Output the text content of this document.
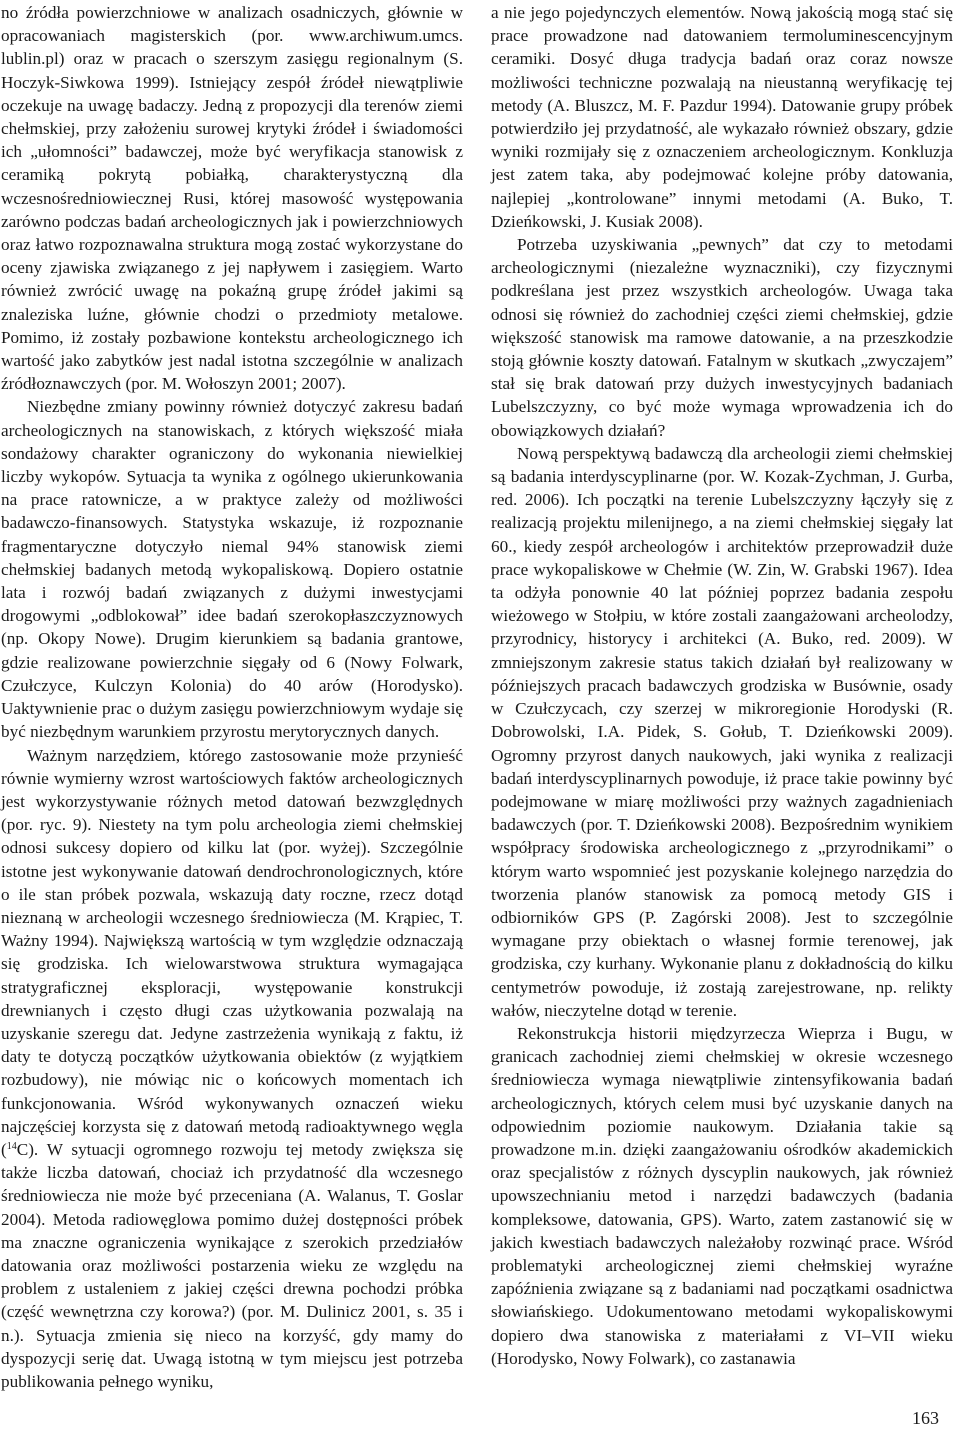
no źródła powierzchniowe w analizach osadniczych, głównie w opracowaniach magisterskich (por. www.archiwum.umcs. lublin.pl) oraz w pracach o szerszym zasięgu regionalnym (S. Hoczyk-Siwkowa 1999). Istniejący zespół źródeł niewątpliwie oczekuje na uwagę badaczy. Jedną z propozycji dla terenów ziemi chełmskiej, przy założeniu surowej krytyki źródeł i świadomości ich „ułomności” badawczej, może być weryfikacja stanowisk z ceramiką pokrytą pobiałką, charakterystyczną dla wczesnośredniowiecznej Rusi, której masowość występowania zarówno podczas badań archeologicznych jak i powierzchniowych oraz łatwo rozpoznawalna struktura mogą zostać wykorzystane do oceny zjawiska związanego z jej napływem i zasięgiem. Warto również zwrócić uwagę na pokaźną grupę źródeł jakimi są znaleziska luźne, głównie chodzi o przedmioty metalowe. Pomimo, iż zostały pozbawione kontekstu archeologicznego ich wartość jako zabytków jest nadal istotna szczególnie w analizach źródłoznawczych (por. M. Wołoszyn 2001; 2007).

Niezbędne zmiany powinny również dotyczyć zakresu badań archeologicznych na stanowiskach, z których większość miała sondażowy charakter ograniczony do wykonania niewielkiej liczby wykopów. Sytuacja ta wynika z ogólnego ukierunkowania na prace ratownicze, a w praktyce zależy od możliwości badawczo-finansowych. Statystyka wskazuje, iż rozpoznanie fragmentaryczne dotyczyło niemal 94% stanowisk ziemi chełmskiej badanych metodą wykopaliskową. Dopiero ostatnie lata i rozwój badań związanych z dużymi inwestycjami drogowymi „odblokował” idee badań szerokopłaszczyznowych (np. Okopy Nowe). Drugim kierunkiem są badania grantowe, gdzie realizowane powierzchnie sięgały od 6 (Nowy Folwark, Czułczyce, Kulczyn Kolonia) do 40 arów (Horodysko). Uaktywnienie prac o dużym zasięgu powierzchniowym wydaje się być niezbędnym warunkiem przyrostu merytorycznych danych.

Ważnym narzędziem, którego zastosowanie może przynieść równie wymierny wzrost wartościowych faktów archeologicznych jest wykorzystywanie różnych metod datowań bezwzględnych (por. ryc. 9). Niestety na tym polu archeologia ziemi chełmskiej odnosi sukcesy dopiero od kilku lat (por. wyżej). Szczególnie istotne jest wykonywanie datowań dendrochronologicznych, które o ile stan próbek pozwala, wskazują daty roczne, rzecz dotąd nieznaną w archeologii wczesnego średniowiecza (M. Krąpiec, T. Ważny 1994). Największą wartością w tym względzie odznaczają się grodziska. Ich wielowarstwowa struktura wymagająca stratygraficznej eksploracji, występowanie konstrukcji drewnianych i często długi czas użytkowania pozwalają na uzyskanie szeregu dat. Jedyne zastrzeżenia wynikają z faktu, iż daty te dotyczą początków użytkowania obiektów (z wyjątkiem rozbudowy), nie mówiąc nic o końcowych momentach ich funkcjonowania. Wśród wykonywanych oznaczeń wieku najczęściej korzysta się z datowań metodą radioaktywnego węgla ($^{14}$C). W sytuacji ogromnego rozwoju tej metody zwiększa się także liczba datowań, chociaż ich przydatność dla wczesnego średniowiecza nie może być przeceniana (A. Walanus, T. Goslar 2004). Metoda radiowęglowa pomimo dużej dostępności próbek ma znaczne ograniczenia wynikające z szerokich przedziałów datowania oraz możliwości postarzenia wieku ze względu na problem z ustaleniem z jakiej części drewna pochodzi próbka (część wewnętrzna czy korowa?) (por. M. Dulinicz 2001, s. 35 i n.). Sytuacja zmienia się nieco na korzyść, gdy mamy do dyspozycji serię dat. Uwagą istotną w tym miejscu jest potrzeba publikowania pełnego wyniku,

a nie jego pojedynczych elementów. Nową jakością mogą stać się prace prowadzone nad datowaniem termoluminescencyjnym ceramiki. Dosyć długa tradycja badań oraz coraz nowsze możliwości techniczne pozwalają na nieustanną weryfikację tej metody (A. Bluszcz, M. F. Pazdur 1994). Datowanie grupy próbek potwierdziło jej przydatność, ale wykazało również obszary, gdzie wyniki rozmijały się z oznaczeniem archeologicznym. Konkluzja jest zatem taka, aby podejmować kolejne próby datowania, najlepiej „kontrolowane” innymi metodami (A. Buko, T. Dzieńkowski, J. Kusiak 2008).

Potrzeba uzyskiwania „pewnych” dat czy to metodami archeologicznymi (niezależne wyznaczniki), czy fizycznymi podkreślana jest przez wszystkich archeologów. Uwaga taka odnosi się również do zachodniej części ziemi chełmskiej, gdzie większość stanowisk ma ramowe datowanie, a na przeszkodzie stoją głównie koszty datowań. Fatalnym w skutkach „zwyczajem” stał się brak datowań przy dużych inwestycyjnych badaniach Lubelszczyzny, co być może wymaga wprowadzenia ich do obowiązkowych działań?

Nową perspektywą badawczą dla archeologii ziemi chełmskiej są badania interdyscyplinarne (por. W. Kozak-Zychman, J. Gurba, red. 2006). Ich początki na terenie Lubelszczyzny łączyły się z realizacją projektu milenijnego, a na ziemi chełmskiej sięgały lat 60., kiedy zespół archeologów i architektów przeprowadził duże prace wykopaliskowe w Chełmie (W. Zin, W. Grabski 1967). Idea ta odżyła ponownie 40 lat później poprzez badania zespołu wieżowego w Stołpiu, w które zostali zaangażowani archeolodzy, przyrodnicy, historycy i architekci (A. Buko, red. 2009). W zmniejszonym zakresie status takich działań był realizowany w późniejszych pracach badawczych grodziska w Busównie, osady w Czułczycach, czy szerzej w mikroregionie Horodyski (R. Dobrowolski, I.A. Pidek, S. Gołub, T. Dzieńkowski 2009). Ogromny przyrost danych naukowych, jaki wynika z realizacji badań interdyscyplinarnych powoduje, iż prace takie powinny być podejmowane w miarę możliwości przy ważnych zagadnieniach badawczych (por. T. Dzieńkowski 2008). Bezpośrednim wynikiem współpracy środowiska archeologicznego z „przyrodnikami” o którym warto wspomnieć jest pozyskanie kolejnego narzędzia do tworzenia planów stanowisk za pomocą metody GIS i odbiorników GPS (P. Zagórski 2008). Jest to szczególnie wymagane przy obiektach o własnej formie terenowej, jak grodziska, czy kurhany. Wykonanie planu z dokładnością do kilku centymetrów powoduje, iż zostają zarejestrowane, np. relikty wałów, nieczytelne dotąd w terenie.

Rekonstrukcja historii międzyrzecza Wieprza i Bugu, w granicach zachodniej ziemi chełmskiej w okresie wczesnego średniowiecza wymaga niewątpliwie zintensyfikowania badań archeologicznych, których celem musi być uzyskanie danych na odpowiednim poziomie naukowym. Działania takie są prowadzone m.in. dzięki zaangażowaniu ośrodków akademickich oraz specjalistów z różnych dyscyplin naukowych, jak również upowszechnianiu metod i narzędzi badawczych (badania kompleksowe, datowania, GPS). Warto, zatem zastanowić się w jakich kwestiach badawczych należałoby rozwinąć prace. Wśród problematyki archeologicznej ziemi chełmskiej wyraźne zapóźnienia związane są z badaniami nad początkami osadnictwa słowiańskiego. Udokumentowano metodami wykopaliskowymi dopiero dwa stanowiska z materiałami z VI–VII wieku (Horodysko, Nowy Folwark), co zastanawia

163
